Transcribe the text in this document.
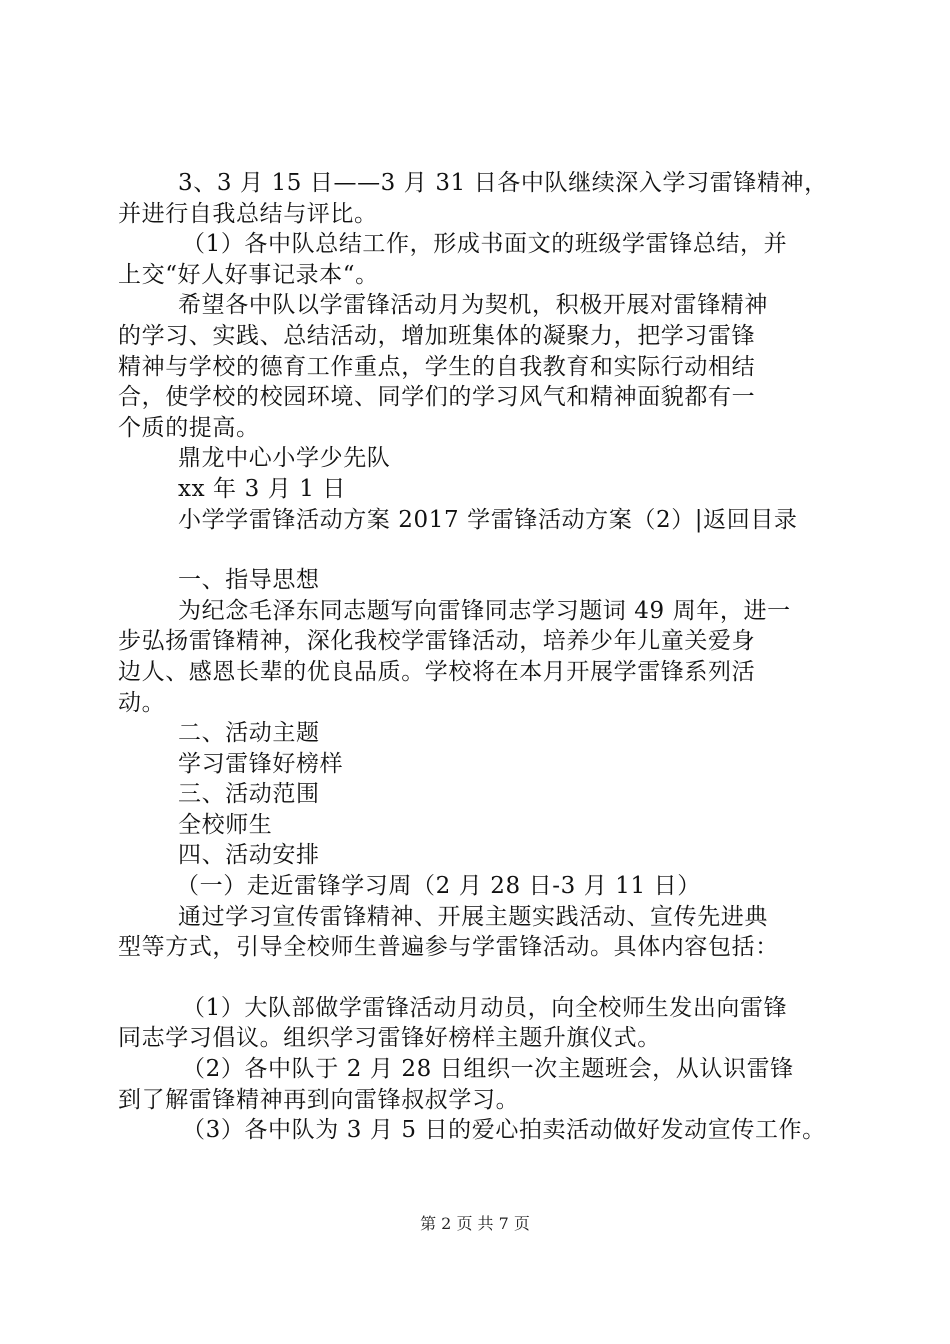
3、3 月 15 日——3 月 31 日各中队继续深入学习雷锋精神，
并进行自我总结与评比。
（1）各中队总结工作，形成书面文的班级学雷锋总结，并
上交“好人好事记录本“。
希望各中队以学雷锋活动月为契机，积极开展对雷锋精神
的学习、实践、总结活动，增加班集体的凝聚力，把学习雷锋
精神与学校的德育工作重点，学生的自我教育和实际行动相结
合，使学校的校园环境、同学们的学习风气和精神面貌都有一
个质的提高。
鼎龙中心小学少先队
xx 年 3 月 1 日
小学学雷锋活动方案 2017 学雷锋活动方案（2）|返回目录
一、指导思想
为纪念毛泽东同志题写向雷锋同志学习题词 49 周年，进一
步弘扬雷锋精神，深化我校学雷锋活动，培养少年儿童关爱身
边人、感恩长辈的优良品质。学校将在本月开展学雷锋系列活
动。
二、活动主题
学习雷锋好榜样
三、活动范围
全校师生
四、活动安排
（一）走近雷锋学习周（2 月 28 日-3 月 11 日）
通过学习宣传雷锋精神、开展主题实践活动、宣传先进典
型等方式，引导全校师生普遍参与学雷锋活动。具体内容包括：
（1）大队部做学雷锋活动月动员，向全校师生发出向雷锋
同志学习倡议。组织学习雷锋好榜样主题升旗仪式。
（2）各中队于 2 月 28 日组织一次主题班会，从认识雷锋
到了解雷锋精神再到向雷锋叔叔学习。
（3）各中队为 3 月 5 日的爱心拍卖活动做好发动宣传工作。
第 2 页 共 7 页
